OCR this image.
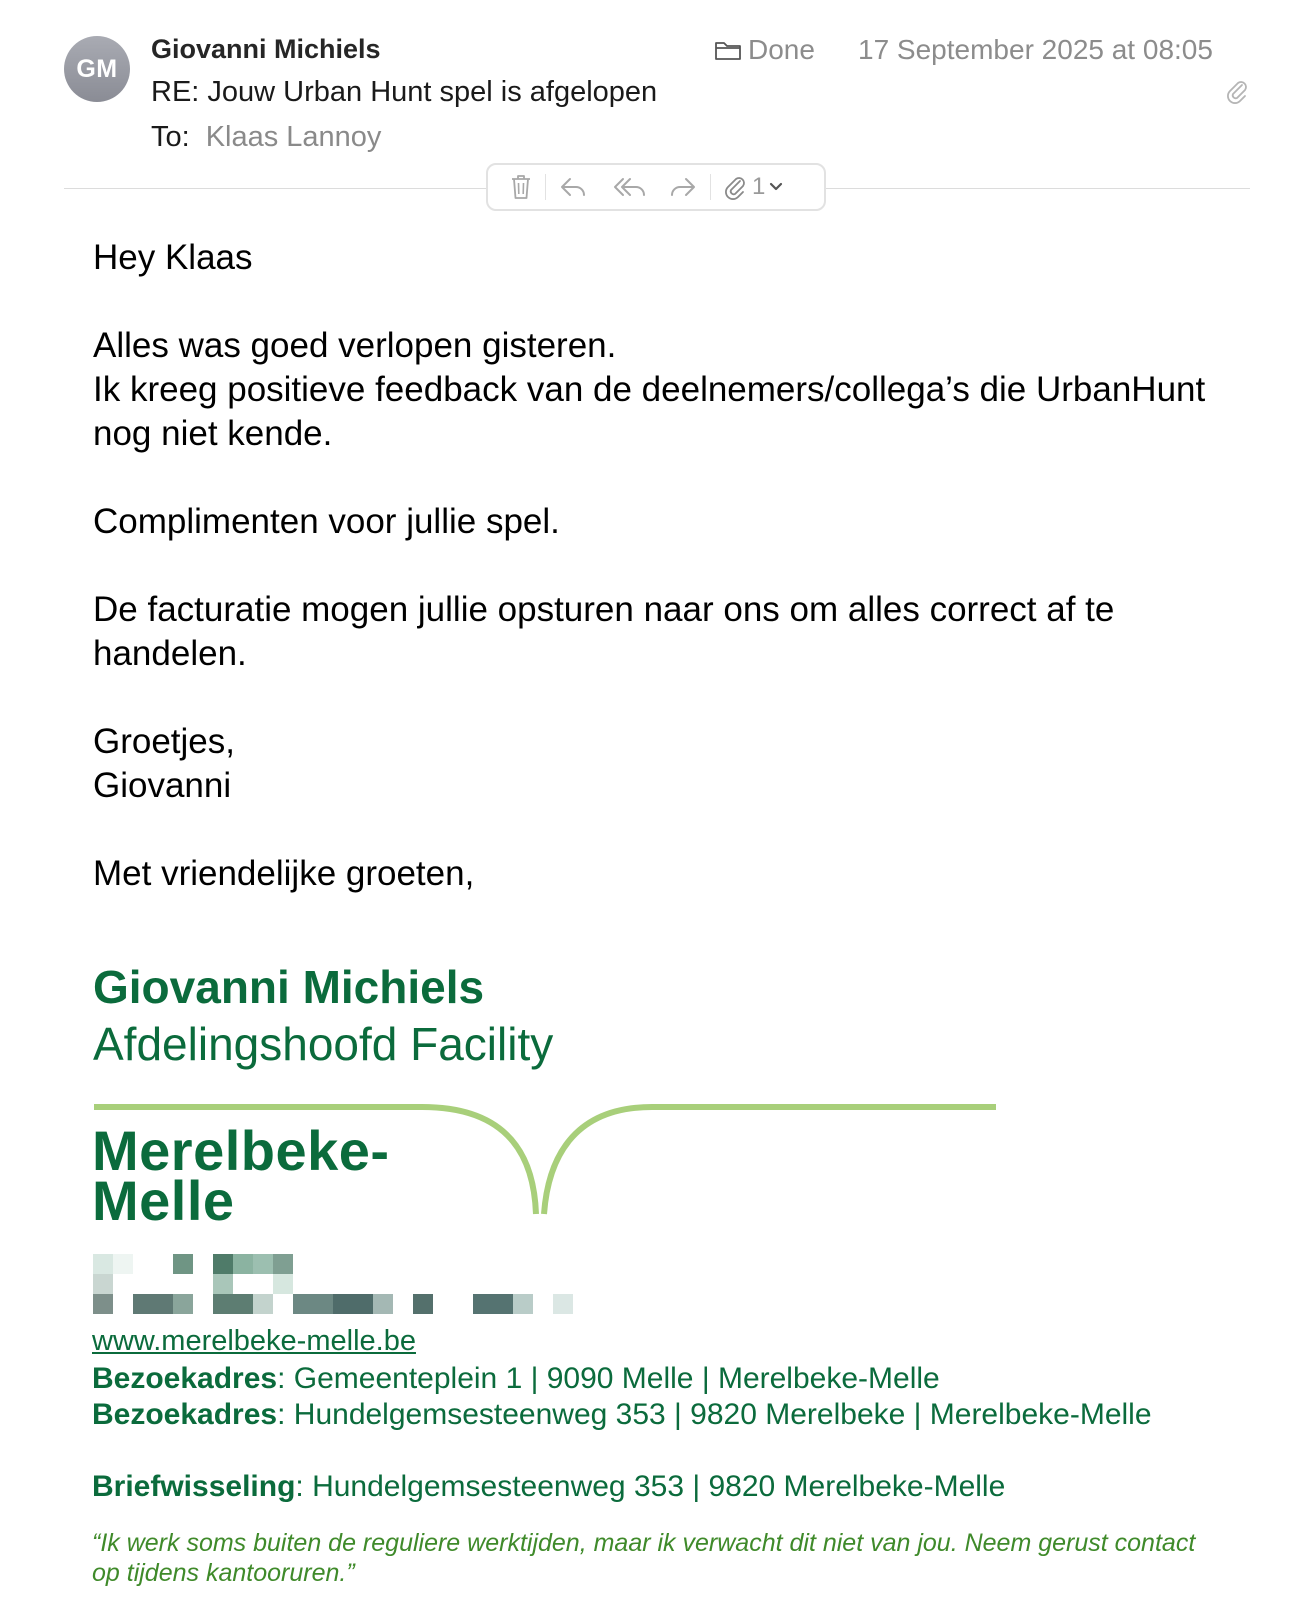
GM
Giovanni Michiels
RE: Jouw Urban Hunt spel is afgelopen
To: Klaas Lannoy
Done 17 September 2025 at 08:05
1

Hey Klaas

Alles was goed verlopen gisteren.
Ik kreeg positieve feedback van de deelnemers/collega’s die UrbanHunt nog niet kende.

Complimenten voor jullie spel.

De facturatie mogen jullie opsturen naar ons om alles correct af te handelen.

Groetjes,
Giovanni

Met vriendelijke groeten,

Giovanni Michiels
Afdelingshoofd Facility
Merelbeke-
Melle
www.merelbeke-melle.be
Bezoekadres: Gemeenteplein 1 | 9090 Melle | Merelbeke-Melle
Bezoekadres: Hundelgemsesteenweg 353 | 9820 Merelbeke | Merelbeke-Melle
Briefwisseling: Hundelgemsesteenweg 353 | 9820 Merelbeke-Melle
“Ik werk soms buiten de reguliere werktijden, maar ik verwacht dit niet van jou. Neem gerust contact op tijdens kantooruren.”
